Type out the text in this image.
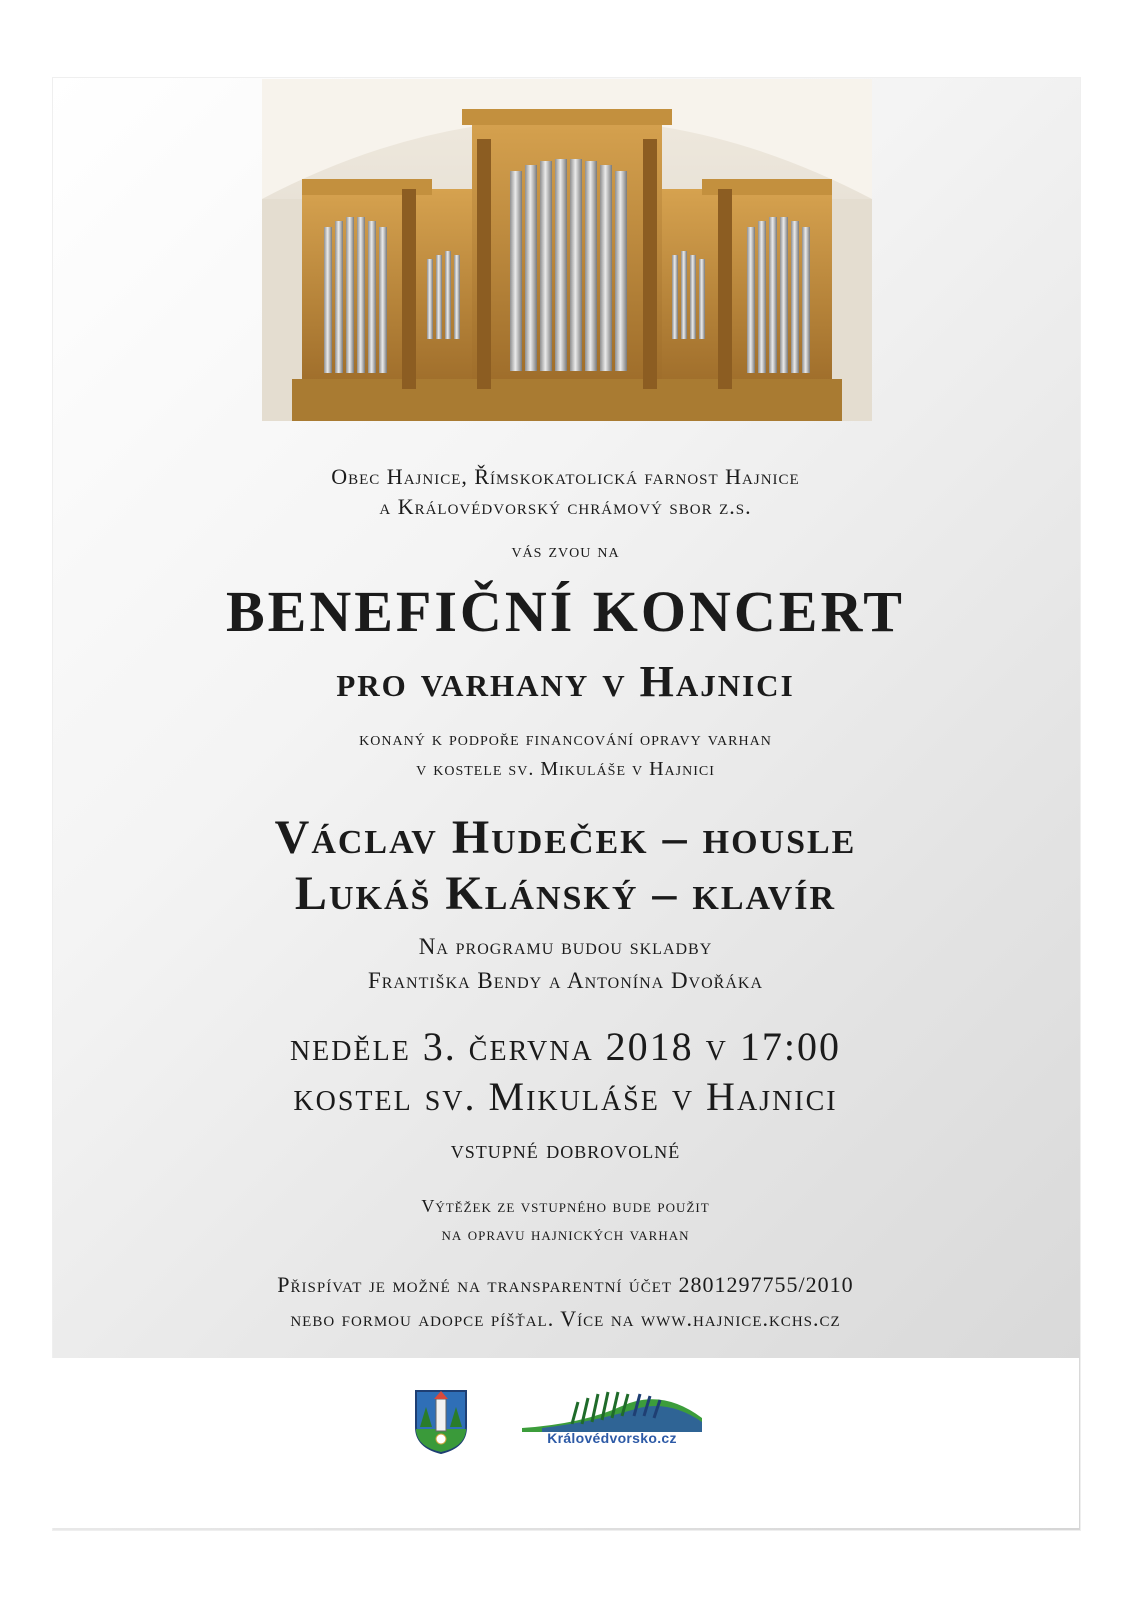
Obec Hajnice, Římskokatolická farnost Hajnice
a Královédvorský chrámový sbor z.s.
vás zvou na
BENEFIČNÍ KONCERT
pro varhany v Hajnici
konaný k podpoře financování opravy varhan
v kostele sv. Mikuláše v Hajnici
Václav Hudeček – housle
Lukáš Klánský – klavír
Na programu budou skladby
Františka Bendy a Antonína Dvořáka
neděle 3. června 2018 v 17:00
kostel sv. Mikuláše v Hajnici
vstupné dobrovolné
Výtěžek ze vstupného bude použit
na opravu hajnických varhan
Přispívat je možné na transparentní účet 2801297755/2010
nebo formou adopce píšťal. Více na www.hajnice.kchs.cz
Královédvorsko.cz
